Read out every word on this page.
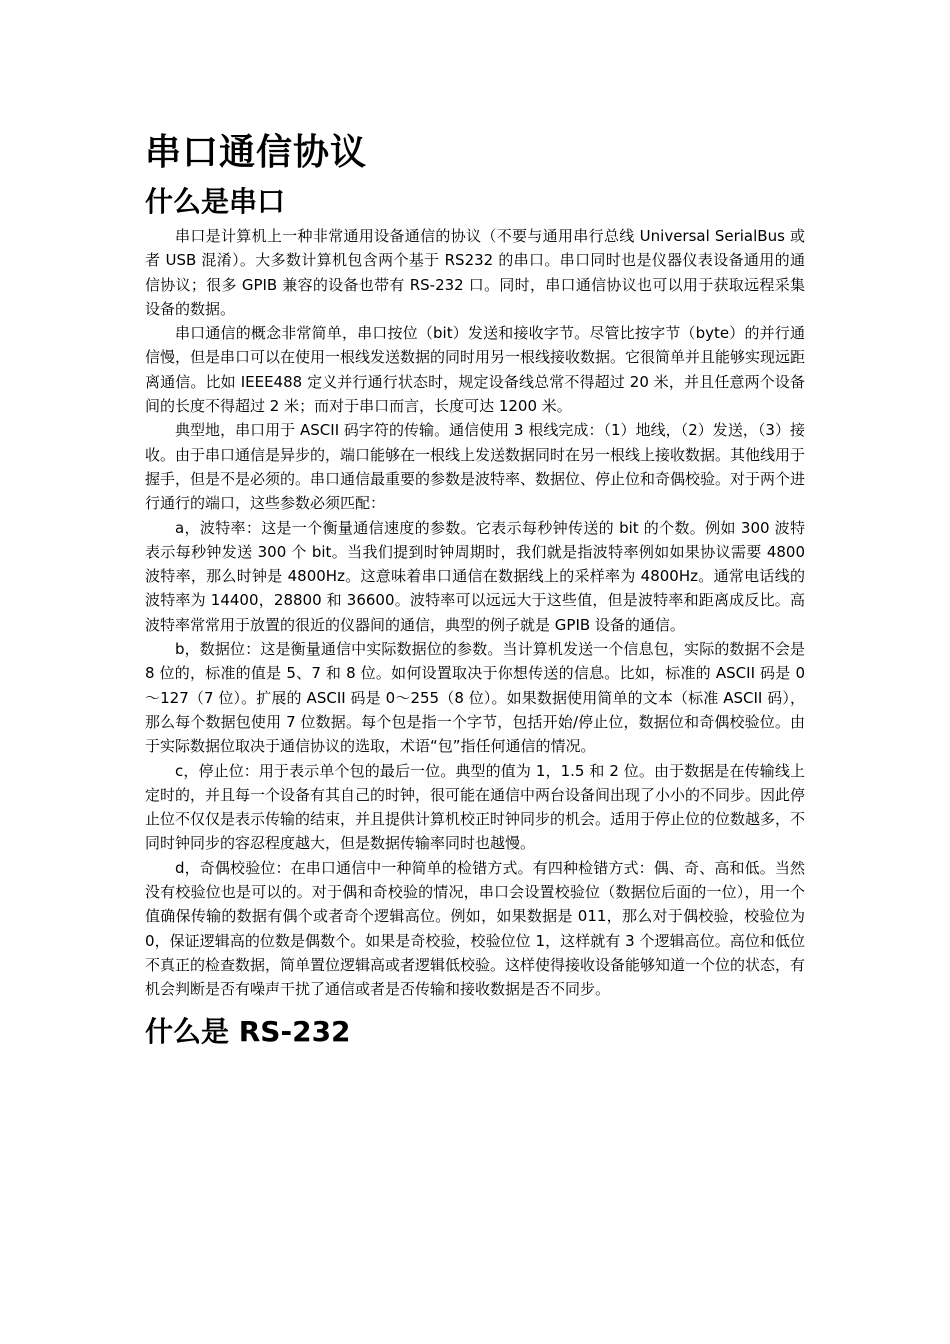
串口通信协议
什么是串口

串口是计算机上一种非常通用设备通信的协议（不要与通用串行总线 Universal SerialBus 或者 USB 混淆）。大多数计算机包含两个基于 RS232 的串口。串口同时也是仪器仪表设备通用的通信协议；很多 GPIB 兼容的设备也带有 RS-232 口。同时，串口通信协议也可以用于获取远程采集设备的数据。

串口通信的概念非常简单，串口按位（bit）发送和接收字节。尽管比按字节（byte）的并行通信慢，但是串口可以在使用一根线发送数据的同时用另一根线接收数据。它很简单并且能够实现远距离通信。比如 IEEE488 定义并行通行状态时，规定设备线总常不得超过 20 米，并且任意两个设备间的长度不得超过 2 米；而对于串口而言，长度可达 1200 米。

典型地，串口用于 ASCII 码字符的传输。通信使用 3 根线完成：（1）地线，（2）发送，（3）接收。由于串口通信是异步的，端口能够在一根线上发送数据同时在另一根线上接收数据。其他线用于握手，但是不是必须的。串口通信最重要的参数是波特率、数据位、停止位和奇偶校验。对于两个进行通行的端口，这些参数必须匹配：

a，波特率：这是一个衡量通信速度的参数。它表示每秒钟传送的 bit 的个数。例如 300 波特表示每秒钟发送 300 个 bit。当我们提到时钟周期时，我们就是指波特率例如如果协议需要 4800 波特率，那么时钟是 4800Hz。这意味着串口通信在数据线上的采样率为 4800Hz。通常电话线的波特率为 14400，28800 和 36600。波特率可以远远大于这些值，但是波特率和距离成反比。高波特率常常用于放置的很近的仪器间的通信，典型的例子就是 GPIB 设备的通信。

b，数据位：这是衡量通信中实际数据位的参数。当计算机发送一个信息包，实际的数据不会是 8 位的，标准的值是 5、7 和 8 位。如何设置取决于你想传送的信息。比如，标准的 ASCII 码是 0～127（7 位）。扩展的 ASCII 码是 0～255（8 位）。如果数据使用简单的文本（标准 ASCII 码），那么每个数据包使用 7 位数据。每个包是指一个字节，包括开始/停止位，数据位和奇偶校验位。由于实际数据位取决于通信协议的选取，术语“包”指任何通信的情况。

c，停止位：用于表示单个包的最后一位。典型的值为 1，1.5 和 2 位。由于数据是在传输线上定时的，并且每一个设备有其自己的时钟，很可能在通信中两台设备间出现了小小的不同步。因此停止位不仅仅是表示传输的结束，并且提供计算机校正时钟同步的机会。适用于停止位的位数越多，不同时钟同步的容忍程度越大，但是数据传输率同时也越慢。

d，奇偶校验位：在串口通信中一种简单的检错方式。有四种检错方式：偶、奇、高和低。当然没有校验位也是可以的。对于偶和奇校验的情况，串口会设置校验位（数据位后面的一位），用一个值确保传输的数据有偶个或者奇个逻辑高位。例如，如果数据是 011，那么对于偶校验，校验位为 0，保证逻辑高的位数是偶数个。如果是奇校验，校验位位 1，这样就有 3 个逻辑高位。高位和低位不真正的检查数据，简单置位逻辑高或者逻辑低校验。这样使得接收设备能够知道一个位的状态，有机会判断是否有噪声干扰了通信或者是否传输和接收数据是否不同步。

什么是 RS-232
